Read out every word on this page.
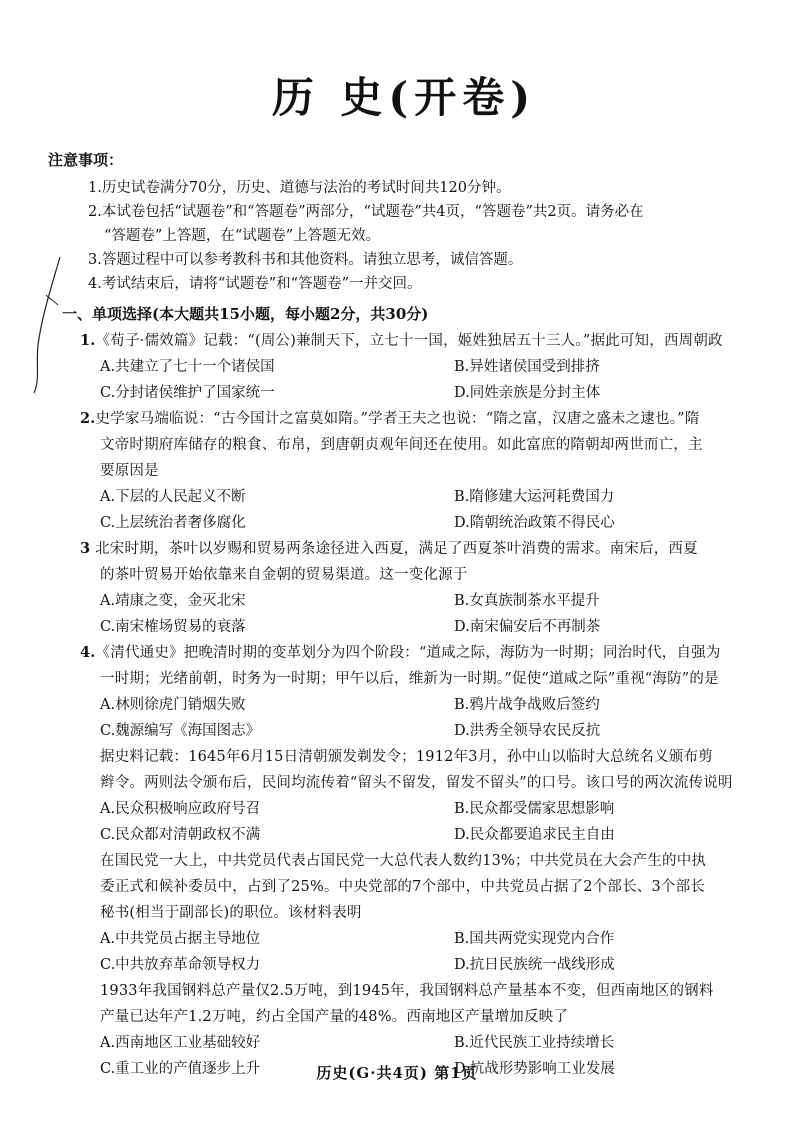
历 史(开卷)
注意事项：
1.历史试卷满分70分，历史、道德与法治的考试时间共120分钟。
2.本试卷包括“试题卷”和“答题卷”两部分，“试题卷”共4页，“答题卷”共2页。请务必在
“答题卷”上答题，在“试题卷”上答题无效。
3.答题过程中可以参考教科书和其他资料。请独立思考，诚信答题。
4.考试结束后，请将“试题卷”和“答题卷”一并交回。
一、单项选择(本大题共15小题，每小题2分，共30分)
1.《荀子·儒效篇》记载：“(周公)兼制天下，立七十一国，姬姓独居五十三人。”据此可知，西周朝政
A.共建立了七十一个诸侯国	B.异姓诸侯国受到排挤
C.分封诸侯维护了国家统一	D.同姓亲族是分封主体
2.史学家马端临说：“古今国计之富莫如隋。”学者王夫之也说：“隋之富，汉唐之盛未之逮也。”隋
文帝时期府库储存的粮食、布帛，到唐朝贞观年间还在使用。如此富庶的隋朝却两世而亡，主
要原因是
A.下层的人民起义不断	B.隋修建大运河耗费国力
C.上层统治者奢侈腐化	D.隋朝统治政策不得民心
3 北宋时期，茶叶以岁赐和贸易两条途径进入西夏，满足了西夏茶叶消费的需求。南宋后，西夏
的茶叶贸易开始依靠来自金朝的贸易渠道。这一变化源于
A.靖康之变，金灭北宋	B.女真族制茶水平提升
C.南宋榷场贸易的衰落	D.南宋偏安后不再制茶
4.《清代通史》把晚清时期的变革划分为四个阶段：“道咸之际，海防为一时期；同治时代，自强为
一时期；光绪前朝，时务为一时期；甲午以后，维新为一时期。”促使“道咸之际”重视“海防”的是
A.林则徐虎门销烟失败	B.鸦片战争战败后签约
C.魏源编写《海国图志》	D.洪秀全领导农民反抗
据史料记载：1645年6月15日清朝颁发剃发令；1912年3月，孙中山以临时大总统名义颁布剪
辫令。两则法令颁布后，民间均流传着“留头不留发，留发不留头”的口号。该口号的两次流传说明
A.民众积极响应政府号召	B.民众都受儒家思想影响
C.民众都对清朝政权不满	D.民众都要追求民主自由
在国民党一大上，中共党员代表占国民党一大总代表人数约13%；中共党员在大会产生的中执
委正式和候补委员中，占到了25%。中央党部的7个部中，中共党员占据了2个部长、3个部长
秘书(相当于副部长)的职位。该材料表明
A.中共党员占据主导地位	B.国共两党实现党内合作
C.中共放弃革命领导权力	D.抗日民族统一战线形成
1933年我国钢料总产量仅2.5万吨，到1945年，我国钢料总产量基本不变，但西南地区的钢料
产量已达年产1.2万吨，约占全国产量的48%。西南地区产量增加反映了
A.西南地区工业基础较好	B.近代民族工业持续增长
C.重工业的产值逐步上升	D.抗战形势影响工业发展
历史(G·共4页) 第1页
